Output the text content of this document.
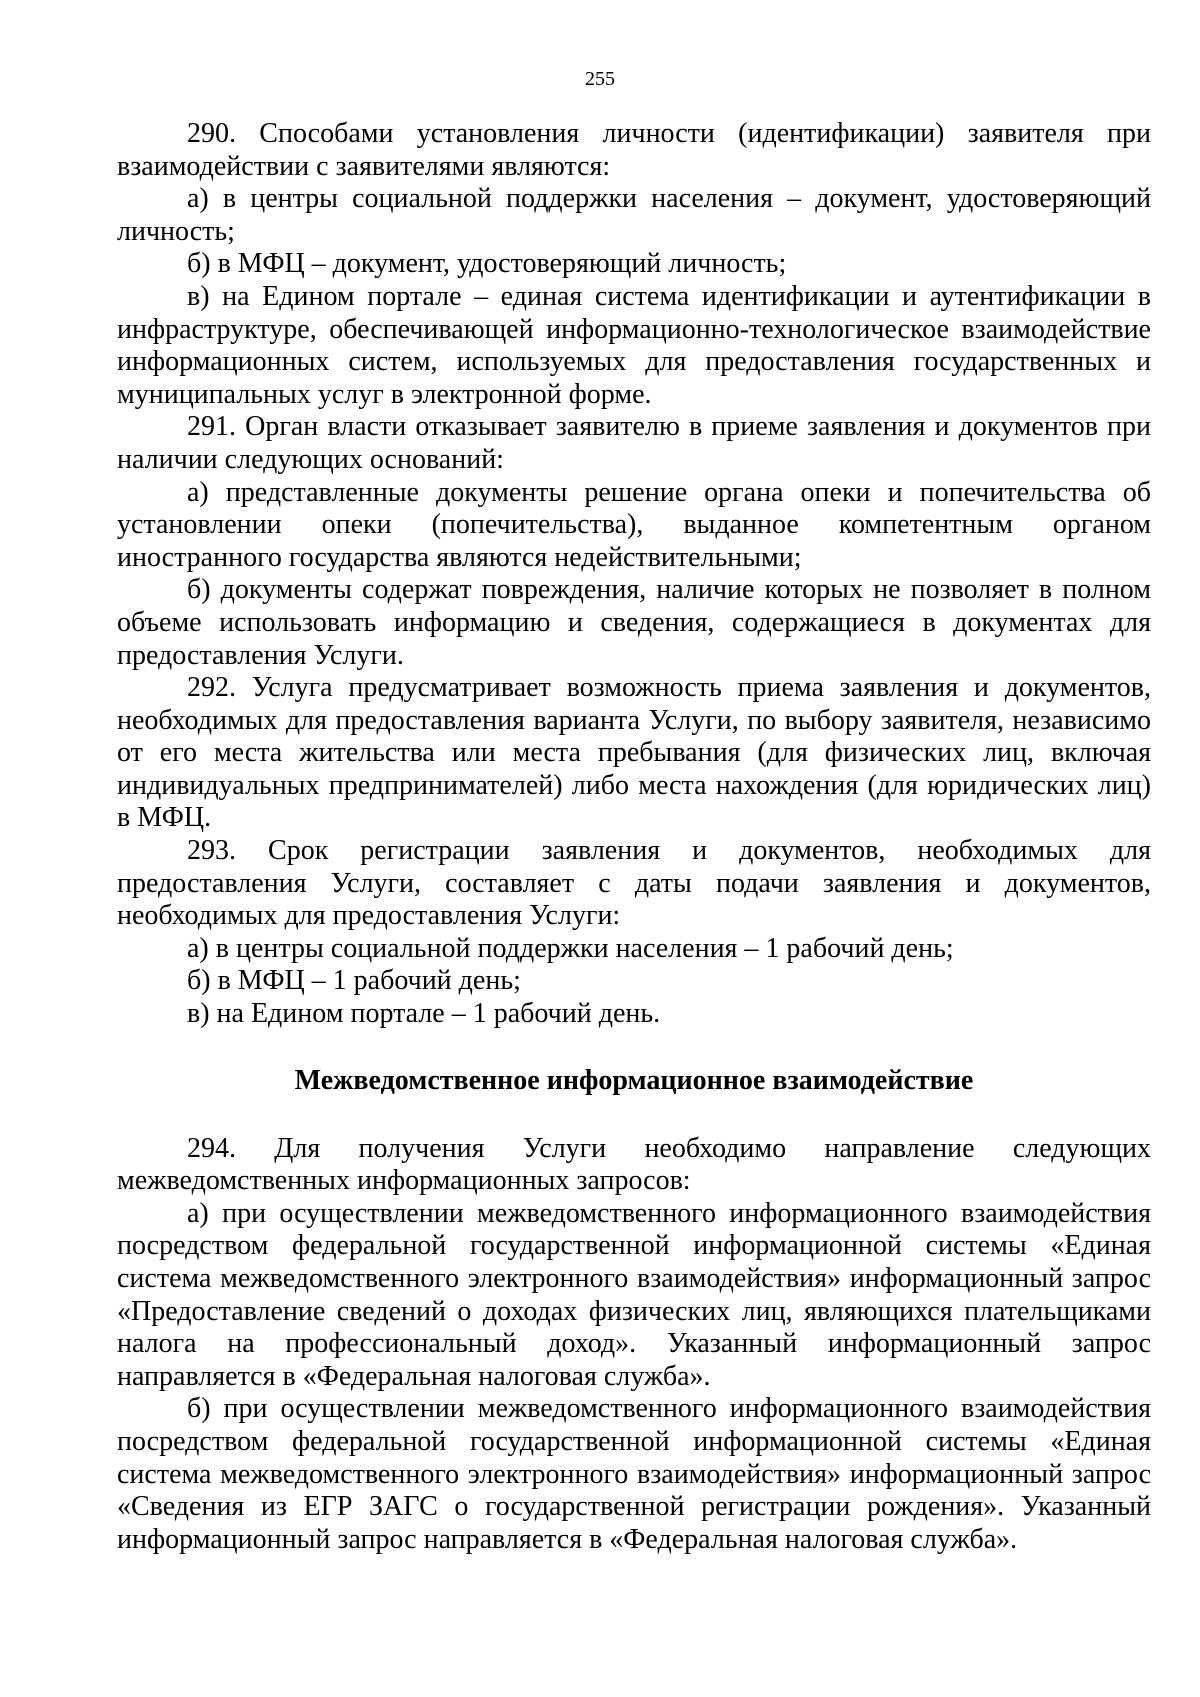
255

290. Способами установления личности (идентификации) заявителя при взаимодействии с заявителями являются:

а) в центры социальной поддержки населения – документ, удостоверяющий личность;

б) в МФЦ – документ, удостоверяющий личность;

в) на Едином портале – единая система идентификации и аутентификации в инфраструктуре, обеспечивающей информационно-технологическое взаимодействие информационных систем, используемых для предоставления государственных и муниципальных услуг в электронной форме.

291. Орган власти отказывает заявителю в приеме заявления и документов при наличии следующих оснований:

а) представленные документы решение органа опеки и попечительства об установлении опеки (попечительства), выданное компетентным органом иностранного государства являются недействительными;

б) документы содержат повреждения, наличие которых не позволяет в полном объеме использовать информацию и сведения, содержащиеся в документах для предоставления Услуги.

292. Услуга предусматривает возможность приема заявления и документов, необходимых для предоставления варианта Услуги, по выбору заявителя, независимо от его места жительства или места пребывания (для физических лиц, включая индивидуальных предпринимателей) либо места нахождения (для юридических лиц) в МФЦ.

293. Срок регистрации заявления и документов, необходимых для предоставления Услуги, составляет с даты подачи заявления и документов, необходимых для предоставления Услуги:

а) в центры социальной поддержки населения – 1 рабочий день;

б) в МФЦ – 1 рабочий день;

в) на Едином портале – 1 рабочий день.

Межведомственное информационное взаимодействие

294. Для получения Услуги необходимо направление следующих межведомственных информационных запросов:

а) при осуществлении межведомственного информационного взаимодействия посредством федеральной государственной информационной системы «Единая система межведомственного электронного взаимодействия» информационный запрос «Предоставление сведений о доходах физических лиц, являющихся плательщиками налога на профессиональный доход». Указанный информационный запрос направляется в «Федеральная налоговая служба».

б) при осуществлении межведомственного информационного взаимодействия посредством федеральной государственной информационной системы «Единая система межведомственного электронного взаимодействия» информационный запрос «Сведения из ЕГР ЗАГС о государственной регистрации рождения». Указанный информационный запрос направляется в «Федеральная налоговая служба».
